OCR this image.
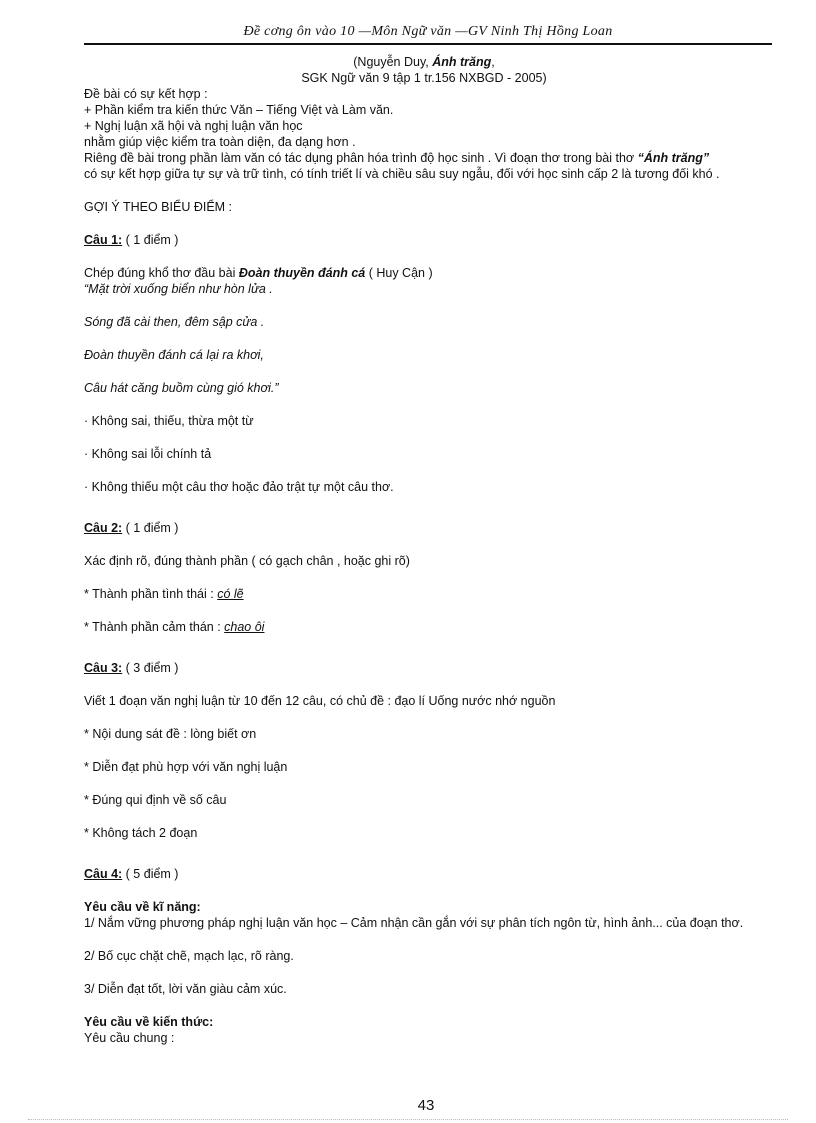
Đề cơng ôn vào 10 —Môn Ngữ văn —GV Ninh Thị Hồng Loan
(Nguyễn Duy, Ánh trăng,
SGK Ngữ văn 9 tập 1 tr.156 NXBGD - 2005)
Đề bài có sự kết hợp :
+ Phần kiểm tra kiến thức Văn – Tiếng Việt và Làm văn.
+ Nghị luận xã hội và nghị luận văn học
nhằm giúp việc kiểm tra toàn diện, đa dạng hơn .
Riêng đề bài trong phần làm văn có tác dụng phân hóa trình độ học sinh . Vì đoạn thơ trong bài thơ “Ánh trăng”
có sự kết hợp giữa tự sự và trữ tình, có tính triết lí và chiều sâu suy ngẫu, đối với học sinh cấp 2 là tương đối khó .
GỢI Ý THEO BIỂU ĐIỂM :
Câu 1: ( 1 điểm )
Chép đúng khổ thơ đầu bài Đoàn thuyền đánh cá ( Huy Cận )
“Mặt trời xuống biển như hòn lửa .
Sóng đã cài then, đêm sập cửa .
Đoàn thuyền đánh cá lại ra khơi,
Câu hát căng buồm cùng gió khơi.”
· Không sai, thiếu, thừa một từ
· Không sai lỗi chính tả
· Không thiếu một câu thơ hoặc đảo trật tự một câu thơ.
Câu 2: ( 1 điểm )
Xác định rõ, đúng thành phần ( có gạch chân , hoặc ghi rõ)
* Thành phần tình thái : có lẽ
* Thành phần cảm thán : chao ôi
Câu 3: ( 3 điểm )
Viết 1 đoạn văn nghị luận từ 10 đến 12 câu, có chủ đề : đạo lí Uống nước nhớ nguồn
* Nội dung sát đề : lòng biết ơn
* Diễn đạt phù hợp với văn nghị luận
* Đúng qui định về số câu
* Không tách 2 đoạn
Câu 4: ( 5 điểm )
Yêu cầu về kĩ năng:
1/ Nắm vững phương pháp nghị luận văn học – Cảm nhận cần gắn với sự phân tích ngôn từ, hình ảnh... của đoạn thơ.
2/ Bố cục chặt chẽ, mạch lạc, rõ ràng.
3/ Diễn đạt tốt, lời văn giàu cảm xúc.
Yêu cầu về kiến thức:
Yêu cầu chung :
43
